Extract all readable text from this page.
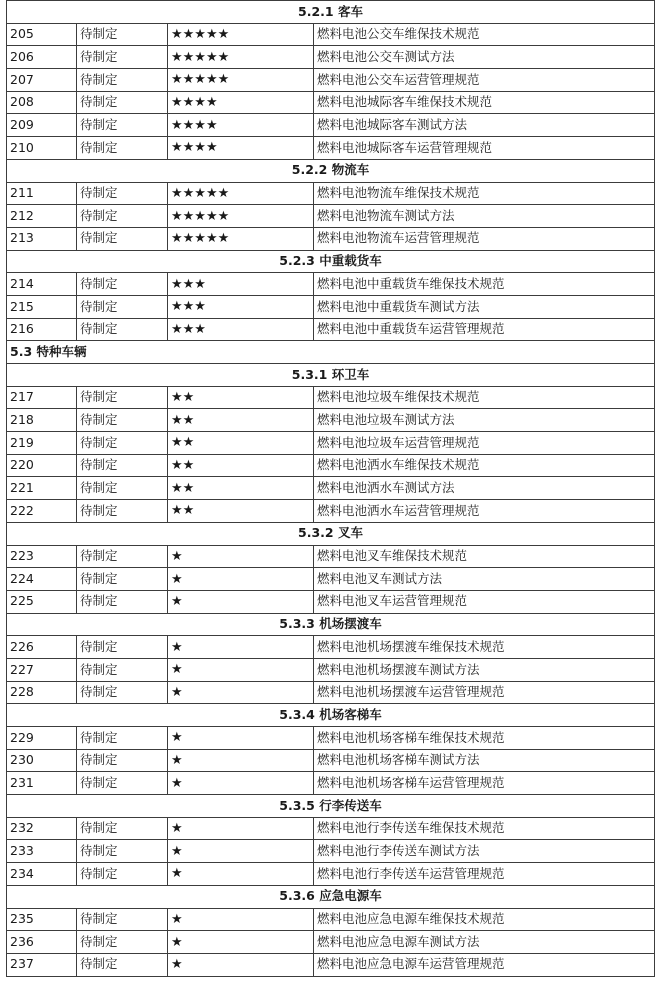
5.2.1 客车			
205	待制定	★★★★★	燃料电池公交车维保技术规范
206	待制定	★★★★★	燃料电池公交车测试方法
207	待制定	★★★★★	燃料电池公交车运营管理规范
208	待制定	★★★★	燃料电池城际客车维保技术规范
209	待制定	★★★★	燃料电池城际客车测试方法
210	待制定	★★★★	燃料电池城际客车运营管理规范
5.2.2 物流车			
211	待制定	★★★★★	燃料电池物流车维保技术规范
212	待制定	★★★★★	燃料电池物流车测试方法
213	待制定	★★★★★	燃料电池物流车运营管理规范
5.2.3 中重载货车			
214	待制定	★★★	燃料电池中重载货车维保技术规范
215	待制定	★★★	燃料电池中重载货车测试方法
216	待制定	★★★	燃料电池中重载货车运营管理规范
5.3 特种车辆			
5.3.1 环卫车			
217	待制定	★★	燃料电池垃圾车维保技术规范
218	待制定	★★	燃料电池垃圾车测试方法
219	待制定	★★	燃料电池垃圾车运营管理规范
220	待制定	★★	燃料电池洒水车维保技术规范
221	待制定	★★	燃料电池洒水车测试方法
222	待制定	★★	燃料电池洒水车运营管理规范
5.3.2 叉车			
223	待制定	★	燃料电池叉车维保技术规范
224	待制定	★	燃料电池叉车测试方法
225	待制定	★	燃料电池叉车运营管理规范
5.3.3 机场摆渡车			
226	待制定	★	燃料电池机场摆渡车维保技术规范
227	待制定	★	燃料电池机场摆渡车测试方法
228	待制定	★	燃料电池机场摆渡车运营管理规范
5.3.4 机场客梯车			
229	待制定	★	燃料电池机场客梯车维保技术规范
230	待制定	★	燃料电池机场客梯车测试方法
231	待制定	★	燃料电池机场客梯车运营管理规范
5.3.5 行李传送车			
232	待制定	★	燃料电池行李传送车维保技术规范
233	待制定	★	燃料电池行李传送车测试方法
234	待制定	★	燃料电池行李传送车运营管理规范
5.3.6 应急电源车			
235	待制定	★	燃料电池应急电源车维保技术规范
236	待制定	★	燃料电池应急电源车测试方法
237	待制定	★	燃料电池应急电源车运营管理规范
